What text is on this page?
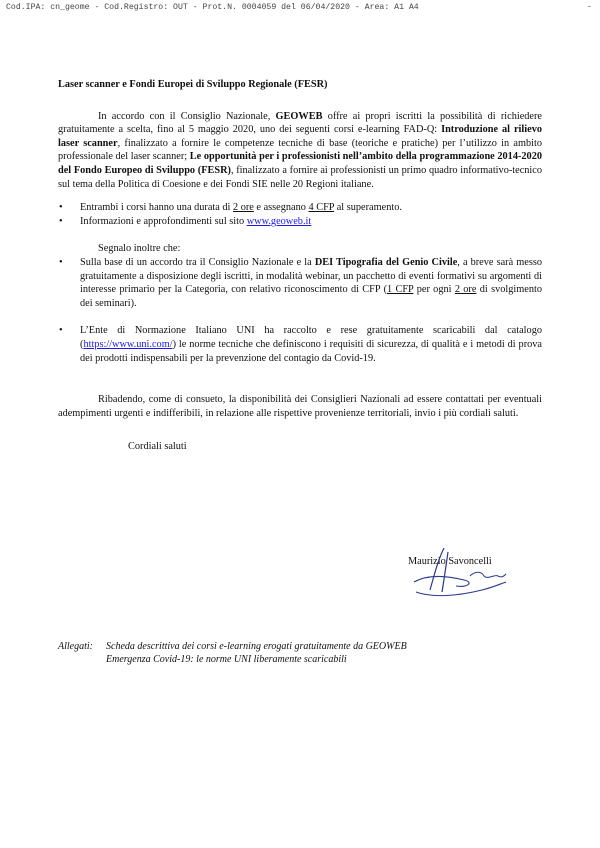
Cod.IPA: cn_geome - Cod.Registro: OUT - Prot.N. 0004059 del 06/04/2020 - Area: A1 A4	-

Laser scanner e Fondi Europei di Sviluppo Regionale (FESR)

In accordo con il Consiglio Nazionale, GEOWEB offre ai propri iscritti la possibilità di richiedere gratuitamente a scelta, fino al 5 maggio 2020, uno dei seguenti corsi e-learning FAD-Q: Introduzione al rilievo laser scanner, finalizzato a fornire le competenze tecniche di base (teoriche e pratiche) per l’utilizzo in ambito professionale del laser scanner; Le opportunità per i professionisti nell’ambito della programmazione 2014-2020 del Fondo Europeo di Sviluppo (FESR), finalizzato a fornire ai professionisti un primo quadro informativo-tecnico sul tema della Politica di Coesione e dei Fondi SIE nelle 20 Regioni italiane.

• Entrambi i corsi hanno una durata di 2 ore e assegnano 4 CFP al superamento.
• Informazioni e approfondimenti sul sito www.geoweb.it

Segnalo inoltre che:

• Sulla base di un accordo tra il Consiglio Nazionale e la DEI Tipografia del Genio Civile, a breve sarà messo gratuitamente a disposizione degli iscritti, in modalità webinar, un pacchetto di eventi formativi su argomenti di interesse primario per la Categoria, con relativo riconoscimento di CFP (1 CFP per ogni 2 ore di svolgimento dei seminari).
• L’Ente di Normazione Italiano UNI ha raccolto e rese gratuitamente scaricabili dal catalogo (https://www.uni.com/) le norme tecniche che definiscono i requisiti di sicurezza, di qualità e i metodi di prova dei prodotti indispensabili per la prevenzione del contagio da Covid-19.

Ribadendo, come di consueto, la disponibilità dei Consiglieri Nazionali ad essere contattati per eventuali adempimenti urgenti e indifferibili, in relazione alle rispettive provenienze territoriali, invio i più cordiali saluti.

Cordiali saluti

Maurizio Savoncelli
Allegati: Scheda descrittiva dei corsi e-learning erogati gratuitamente da GEOWEB
Emergenza Covid-19: le norme UNI liberamente scaricabili
